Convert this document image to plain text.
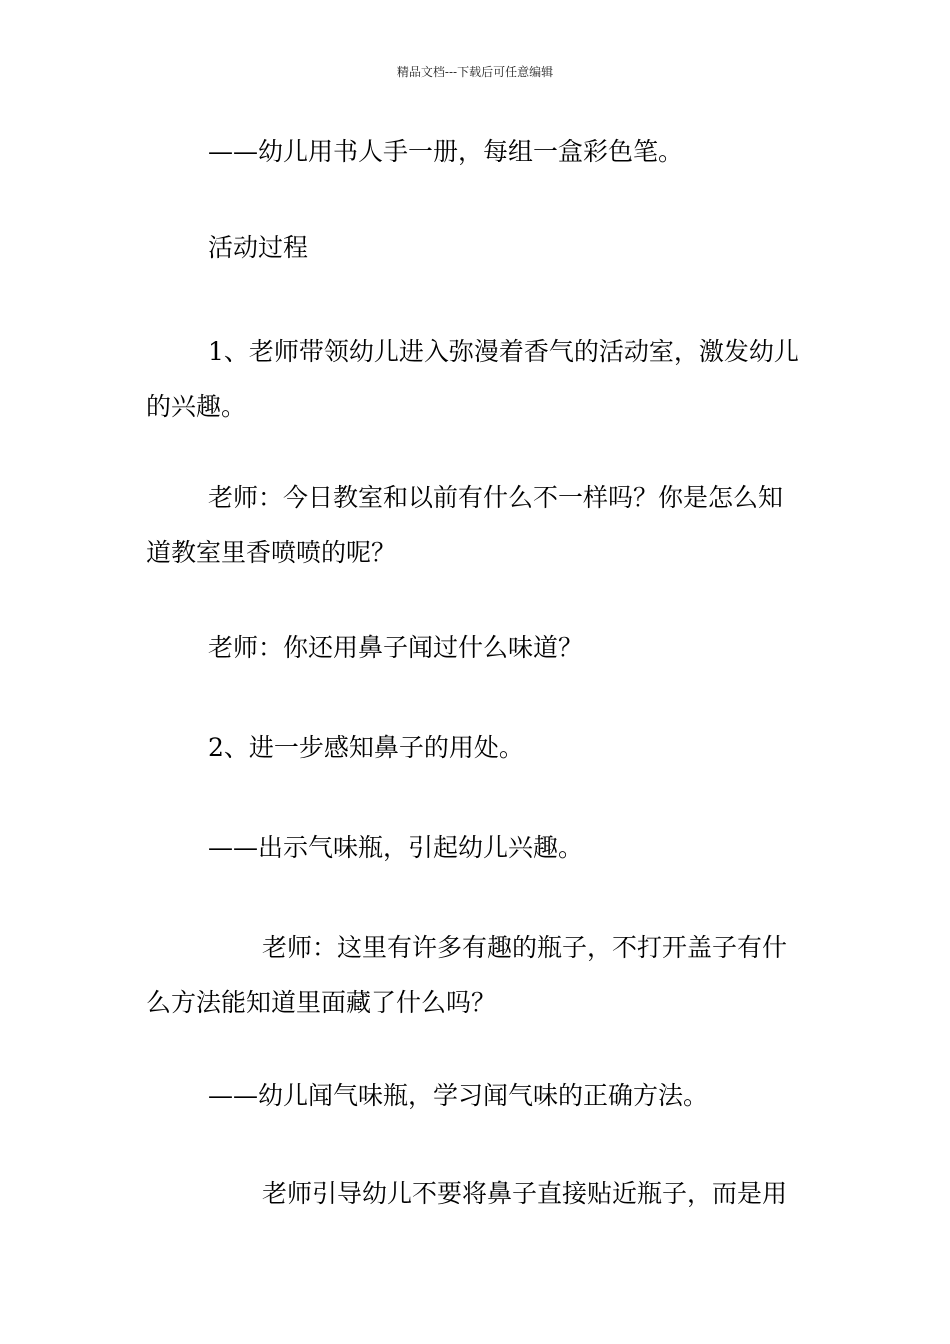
精品文档---下载后可任意编辑

——幼儿用书人手一册，每组一盒彩色笔。

活动过程

1、老师带领幼儿进入弥漫着香气的活动室，激发幼儿的兴趣。

老师：今日教室和以前有什么不一样吗？你是怎么知道教室里香喷喷的呢？

老师：你还用鼻子闻过什么味道？

2、进一步感知鼻子的用处。

——出示气味瓶，引起幼儿兴趣。

老师：这里有许多有趣的瓶子，不打开盖子有什么方法能知道里面藏了什么吗？

——幼儿闻气味瓶，学习闻气味的正确方法。

老师引导幼儿不要将鼻子直接贴近瓶子，而是用
